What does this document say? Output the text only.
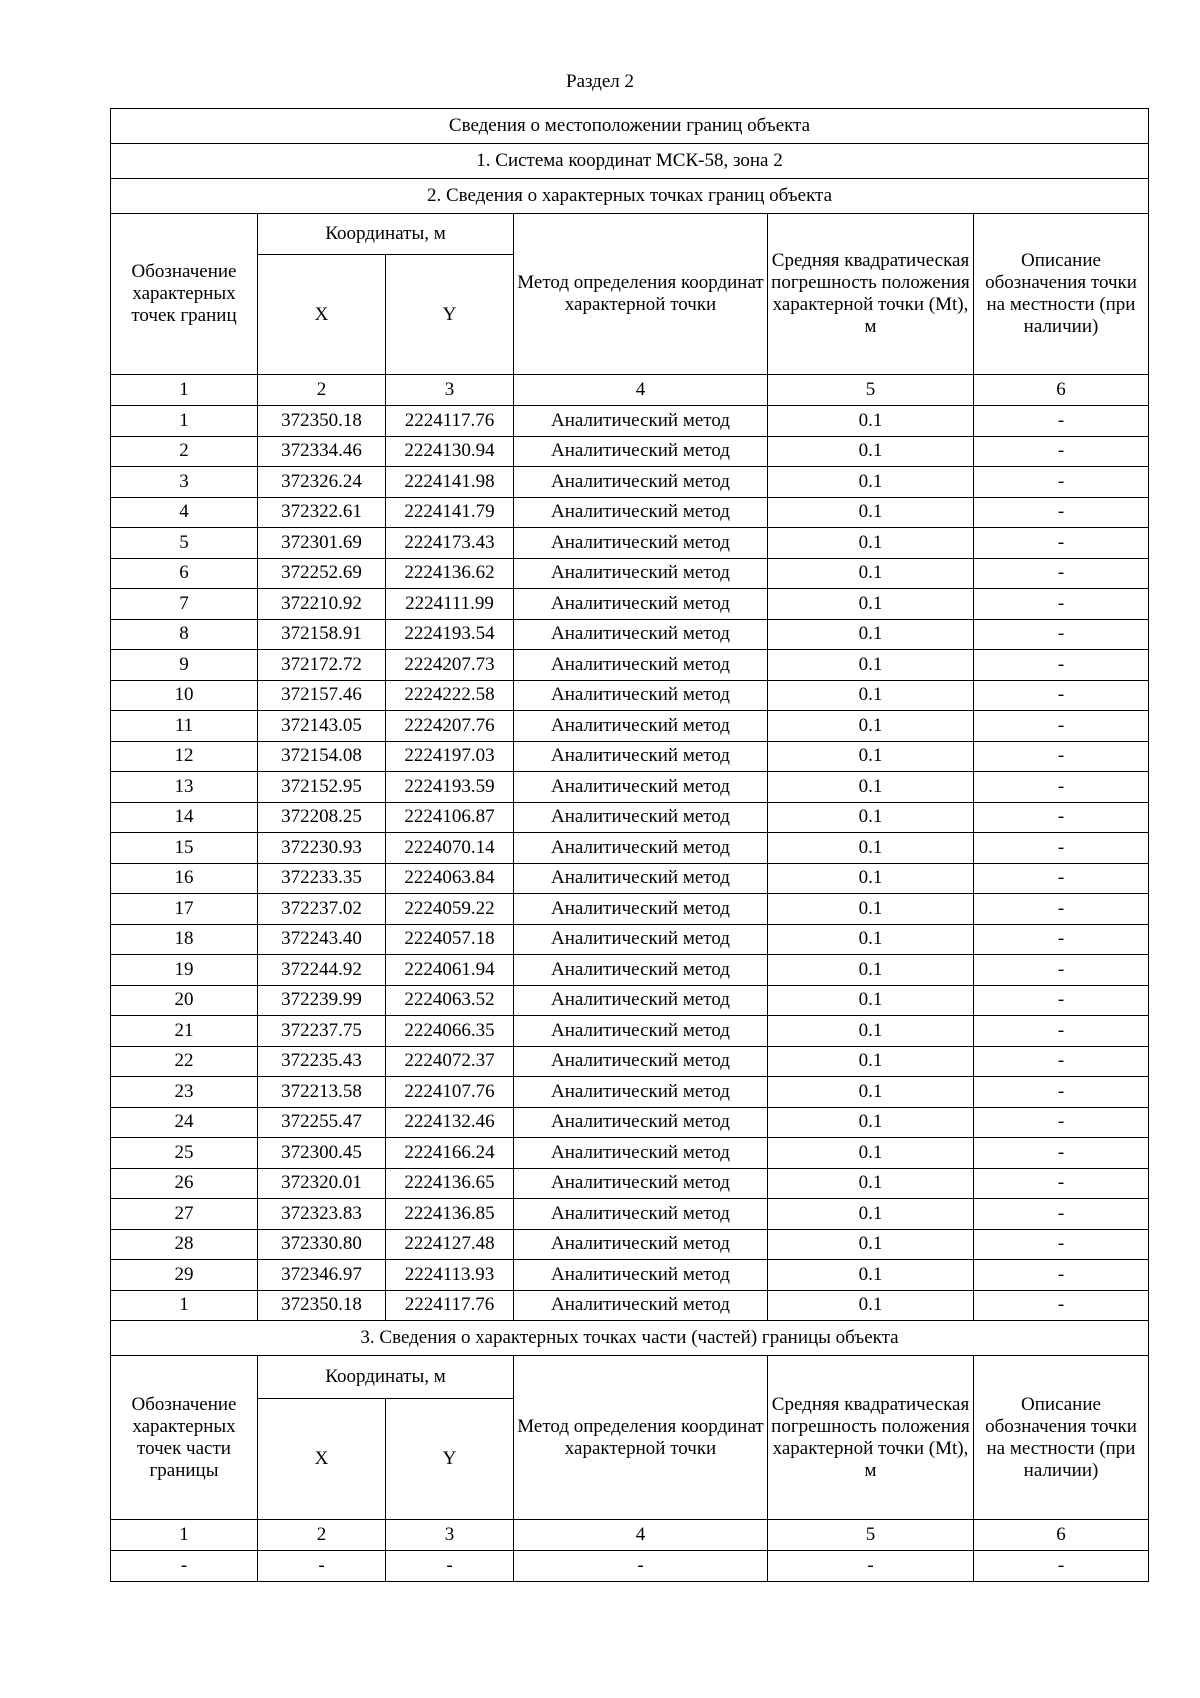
Раздел 2
Сведения о местоположении границ объекта					
1. Система координат МСК-58, зона 2					
2. Сведения о характерных точках границ объекта					
Обозначение характерных точек границ	Координаты, м		Метод определения координат характерной точки	Средняя квадратическая погрешность положения характерной точки (Mt), м	Описание обозначения точки на местности (при наличии)
	X	Y			
1	2	3	4	5	6
1	372350.18	2224117.76	Аналитический метод	0.1	-
2	372334.46	2224130.94	Аналитический метод	0.1	-
3	372326.24	2224141.98	Аналитический метод	0.1	-
4	372322.61	2224141.79	Аналитический метод	0.1	-
5	372301.69	2224173.43	Аналитический метод	0.1	-
6	372252.69	2224136.62	Аналитический метод	0.1	-
7	372210.92	2224111.99	Аналитический метод	0.1	-
8	372158.91	2224193.54	Аналитический метод	0.1	-
9	372172.72	2224207.73	Аналитический метод	0.1	-
10	372157.46	2224222.58	Аналитический метод	0.1	-
11	372143.05	2224207.76	Аналитический метод	0.1	-
12	372154.08	2224197.03	Аналитический метод	0.1	-
13	372152.95	2224193.59	Аналитический метод	0.1	-
14	372208.25	2224106.87	Аналитический метод	0.1	-
15	372230.93	2224070.14	Аналитический метод	0.1	-
16	372233.35	2224063.84	Аналитический метод	0.1	-
17	372237.02	2224059.22	Аналитический метод	0.1	-
18	372243.40	2224057.18	Аналитический метод	0.1	-
19	372244.92	2224061.94	Аналитический метод	0.1	-
20	372239.99	2224063.52	Аналитический метод	0.1	-
21	372237.75	2224066.35	Аналитический метод	0.1	-
22	372235.43	2224072.37	Аналитический метод	0.1	-
23	372213.58	2224107.76	Аналитический метод	0.1	-
24	372255.47	2224132.46	Аналитический метод	0.1	-
25	372300.45	2224166.24	Аналитический метод	0.1	-
26	372320.01	2224136.65	Аналитический метод	0.1	-
27	372323.83	2224136.85	Аналитический метод	0.1	-
28	372330.80	2224127.48	Аналитический метод	0.1	-
29	372346.97	2224113.93	Аналитический метод	0.1	-
1	372350.18	2224117.76	Аналитический метод	0.1	-
3. Сведения о характерных точках части (частей) границы объекта					
Обозначение характерных точек части границы	Координаты, м		Метод определения координат характерной точки	Средняя квадратическая погрешность положения характерной точки (Mt), м	Описание обозначения точки на местности (при наличии)
	X	Y			
1	2	3	4	5	6
-	-	-	-	-	-
